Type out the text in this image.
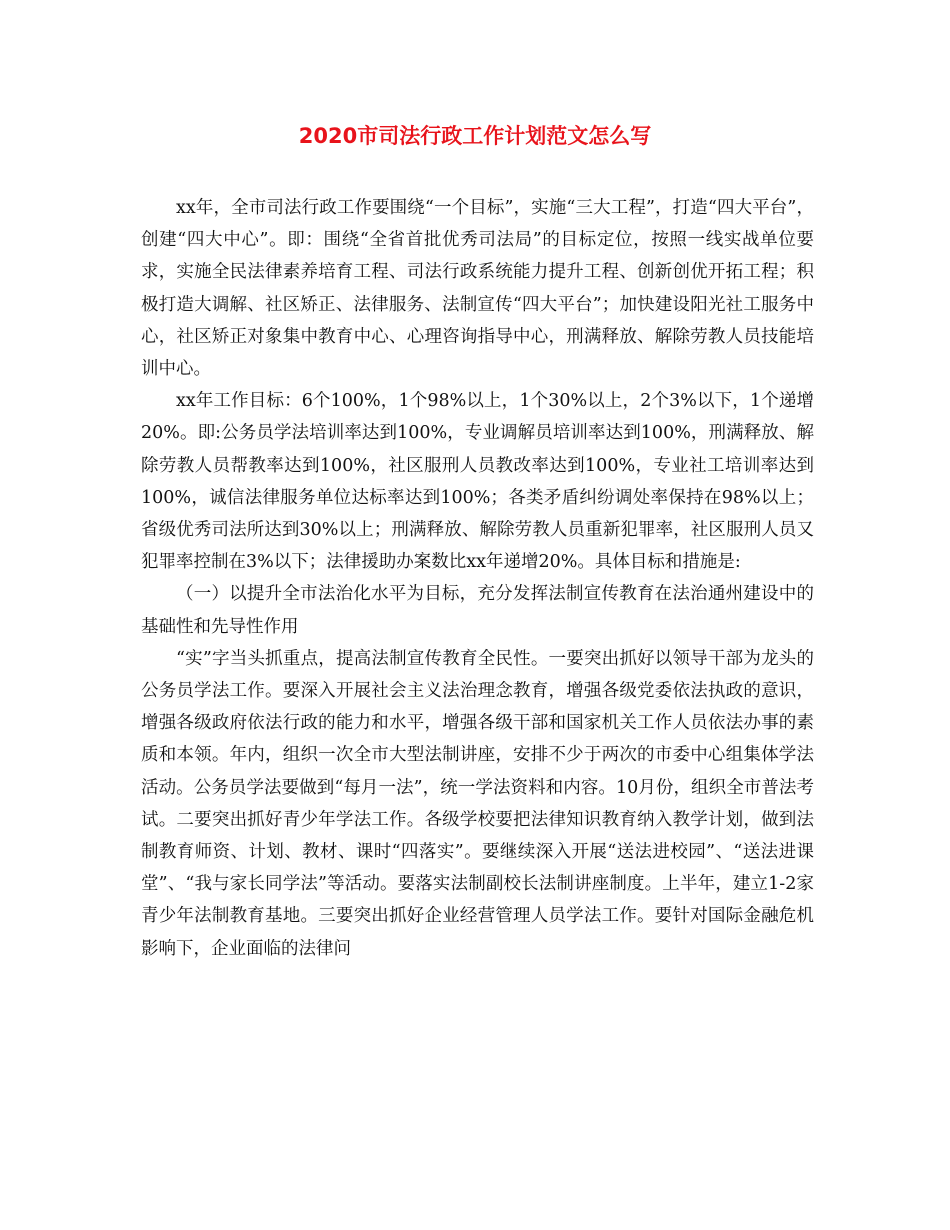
2020市司法行政工作计划范文怎么写

xx年，全市司法行政工作要围绕“一个目标”，实施“三大工程”，打造“四大平台”，创建“四大中心”。即：围绕“全省首批优秀司法局”的目标定位，按照一线实战单位要求，实施全民法律素养培育工程、司法行政系统能力提升工程、创新创优开拓工程；积极打造大调解、社区矫正、法律服务、法制宣传“四大平台”；加快建设阳光社工服务中心，社区矫正对象集中教育中心、心理咨询指导中心，刑满释放、解除劳教人员技能培训中心。

xx年工作目标：6个100%，1个98%以上，1个30%以上，2个3%以下，1个递增20%。即:公务员学法培训率达到100%，专业调解员培训率达到100%，刑满释放、解除劳教人员帮教率达到100%，社区服刑人员教改率达到100%，专业社工培训率达到100%，诚信法律服务单位达标率达到100%；各类矛盾纠纷调处率保持在98%以上；省级优秀司法所达到30%以上；刑满释放、解除劳教人员重新犯罪率，社区服刑人员又犯罪率控制在3%以下；法律援助办案数比xx年递增20%。具体目标和措施是:

（一）以提升全市法治化水平为目标，充分发挥法制宣传教育在法治通州建设中的基础性和先导性作用

“实”字当头抓重点，提高法制宣传教育全民性。一要突出抓好以领导干部为龙头的公务员学法工作。要深入开展社会主义法治理念教育，增强各级党委依法执政的意识，增强各级政府依法行政的能力和水平，增强各级干部和国家机关工作人员依法办事的素质和本领。年内，组织一次全市大型法制讲座，安排不少于两次的市委中心组集体学法活动。公务员学法要做到“每月一法”，统一学法资料和内容。10月份，组织全市普法考试。二要突出抓好青少年学法工作。各级学校要把法律知识教育纳入教学计划，做到法制教育师资、计划、教材、课时“四落实”。要继续深入开展“送法进校园”、“送法进课堂”、“我与家长同学法”等活动。要落实法制副校长法制讲座制度。上半年，建立1-2家青少年法制教育基地。三要突出抓好企业经营管理人员学法工作。要针对国际金融危机影响下，企业面临的法律问
